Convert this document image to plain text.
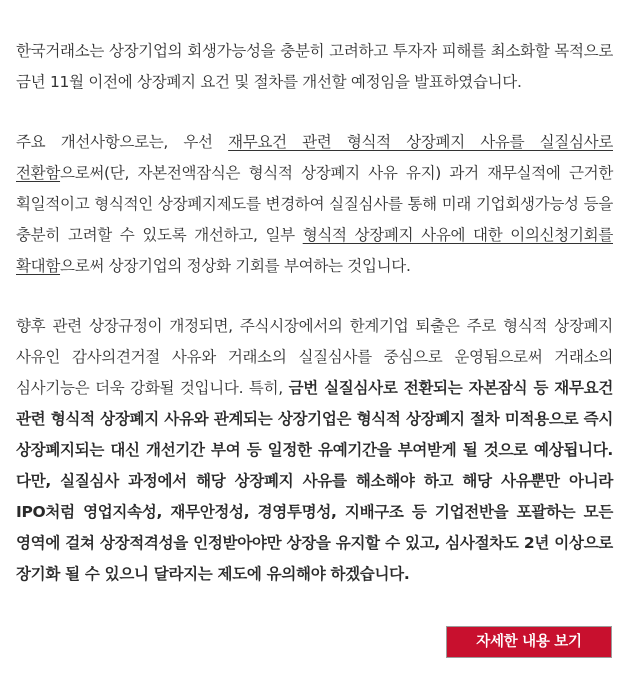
한국거래소는 상장기업의 회생가능성을 충분히 고려하고 투자자 피해를 최소화할 목적으로 금년 11월 이전에 상장폐지 요건 및 절차를 개선할 예정임을 발표하였습니다.

주요 개선사항으로는, 우선 재무요건 관련 형식적 상장폐지 사유를 실질심사로 전환함으로써(단, 자본전액잠식은 형식적 상장폐지 사유 유지) 과거 재무실적에 근거한 획일적이고 형식적인 상장폐지제도를 변경하여 실질심사를 통해 미래 기업회생가능성 등을 충분히 고려할 수 있도록 개선하고, 일부 형식적 상장폐지 사유에 대한 이의신청기회를 확대함으로써 상장기업의 정상화 기회를 부여하는 것입니다.

향후 관련 상장규정이 개정되면, 주식시장에서의 한계기업 퇴출은 주로 형식적 상장폐지 사유인 감사의견거절 사유와 거래소의 실질심사를 중심으로 운영됨으로써 거래소의 심사기능은 더욱 강화될 것입니다. 특히, 금번 실질심사로 전환되는 자본잠식 등 재무요건 관련 형식적 상장폐지 사유와 관계되는 상장기업은 형식적 상장폐지 절차 미적용으로 즉시 상장폐지되는 대신 개선기간 부여 등 일정한 유예기간을 부여받게 될 것으로 예상됩니다. 다만, 실질심사 과정에서 해당 상장폐지 사유를 해소해야 하고 해당 사유뿐만 아니라 IPO처럼 영업지속성, 재무안정성, 경영투명성, 지배구조 등 기업전반을 포괄하는 모든 영역에 걸쳐 상장적격성을 인정받아야만 상장을 유지할 수 있고, 심사절차도 2년 이상으로 장기화 될 수 있으니 달라지는 제도에 유의해야 하겠습니다.

자세한 내용 보기
